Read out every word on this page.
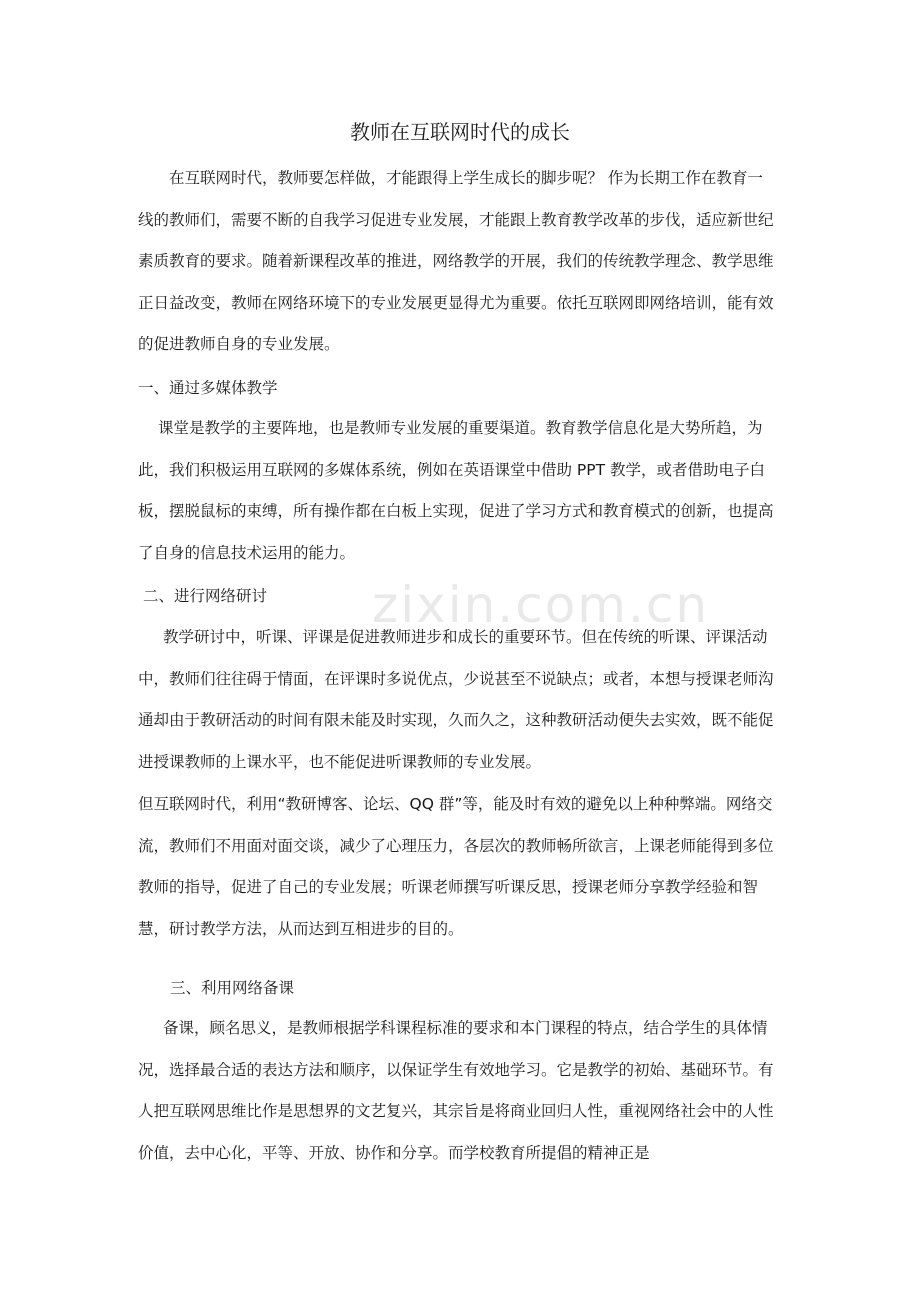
zixin.com.cn
教师在互联网时代的成长

在互联网时代，教师要怎样做，才能跟得上学生成长的脚步呢？ 作为长期工作在教育一线的教师们，需要不断的自我学习促进专业发展，才能跟上教育教学改革的步伐，适应新世纪素质教育的要求。随着新课程改革的推进，网络教学的开展，我们的传统教学理念、教学思维正日益改变，教师在网络环境下的专业发展更显得尤为重要。依托互联网即网络培训，能有效的促进教师自身的专业发展。

一、通过多媒体教学

课堂是教学的主要阵地，也是教师专业发展的重要渠道。教育教学信息化是大势所趋，为此，我们积极运用互联网的多媒体系统，例如在英语课堂中借助 PPT 教学，或者借助电子白板，摆脱鼠标的束缚，所有操作都在白板上实现，促进了学习方式和教育模式的创新，也提高了自身的信息技术运用的能力。

二、进行网络研讨

教学研讨中，听课、评课是促进教师进步和成长的重要环节。但在传统的听课、评课活动中，教师们往往碍于情面，在评课时多说优点，少说甚至不说缺点；或者，本想与授课老师沟通却由于教研活动的时间有限未能及时实现，久而久之，这种教研活动便失去实效，既不能促进授课教师的上课水平，也不能促进听课教师的专业发展。

但互联网时代，利用“教研博客、论坛、QQ 群”等，能及时有效的避免以上种种弊端。网络交流，教师们不用面对面交谈，减少了心理压力，各层次的教师畅所欲言，上课老师能得到多位教师的指导，促进了自己的专业发展；听课老师撰写听课反思，授课老师分享教学经验和智慧，研讨教学方法，从而达到互相进步的目的。

三、利用网络备课

备课，顾名思义，是教师根据学科课程标准的要求和本门课程的特点，结合学生的具体情况，选择最合适的表达方法和顺序，以保证学生有效地学习。它是教学的初始、基础环节。有人把互联网思维比作是思想界的文艺复兴，其宗旨是将商业回归人性，重视网络社会中的人性价值，去中心化，平等、开放、协作和分享。而学校教育所提倡的精神正是
